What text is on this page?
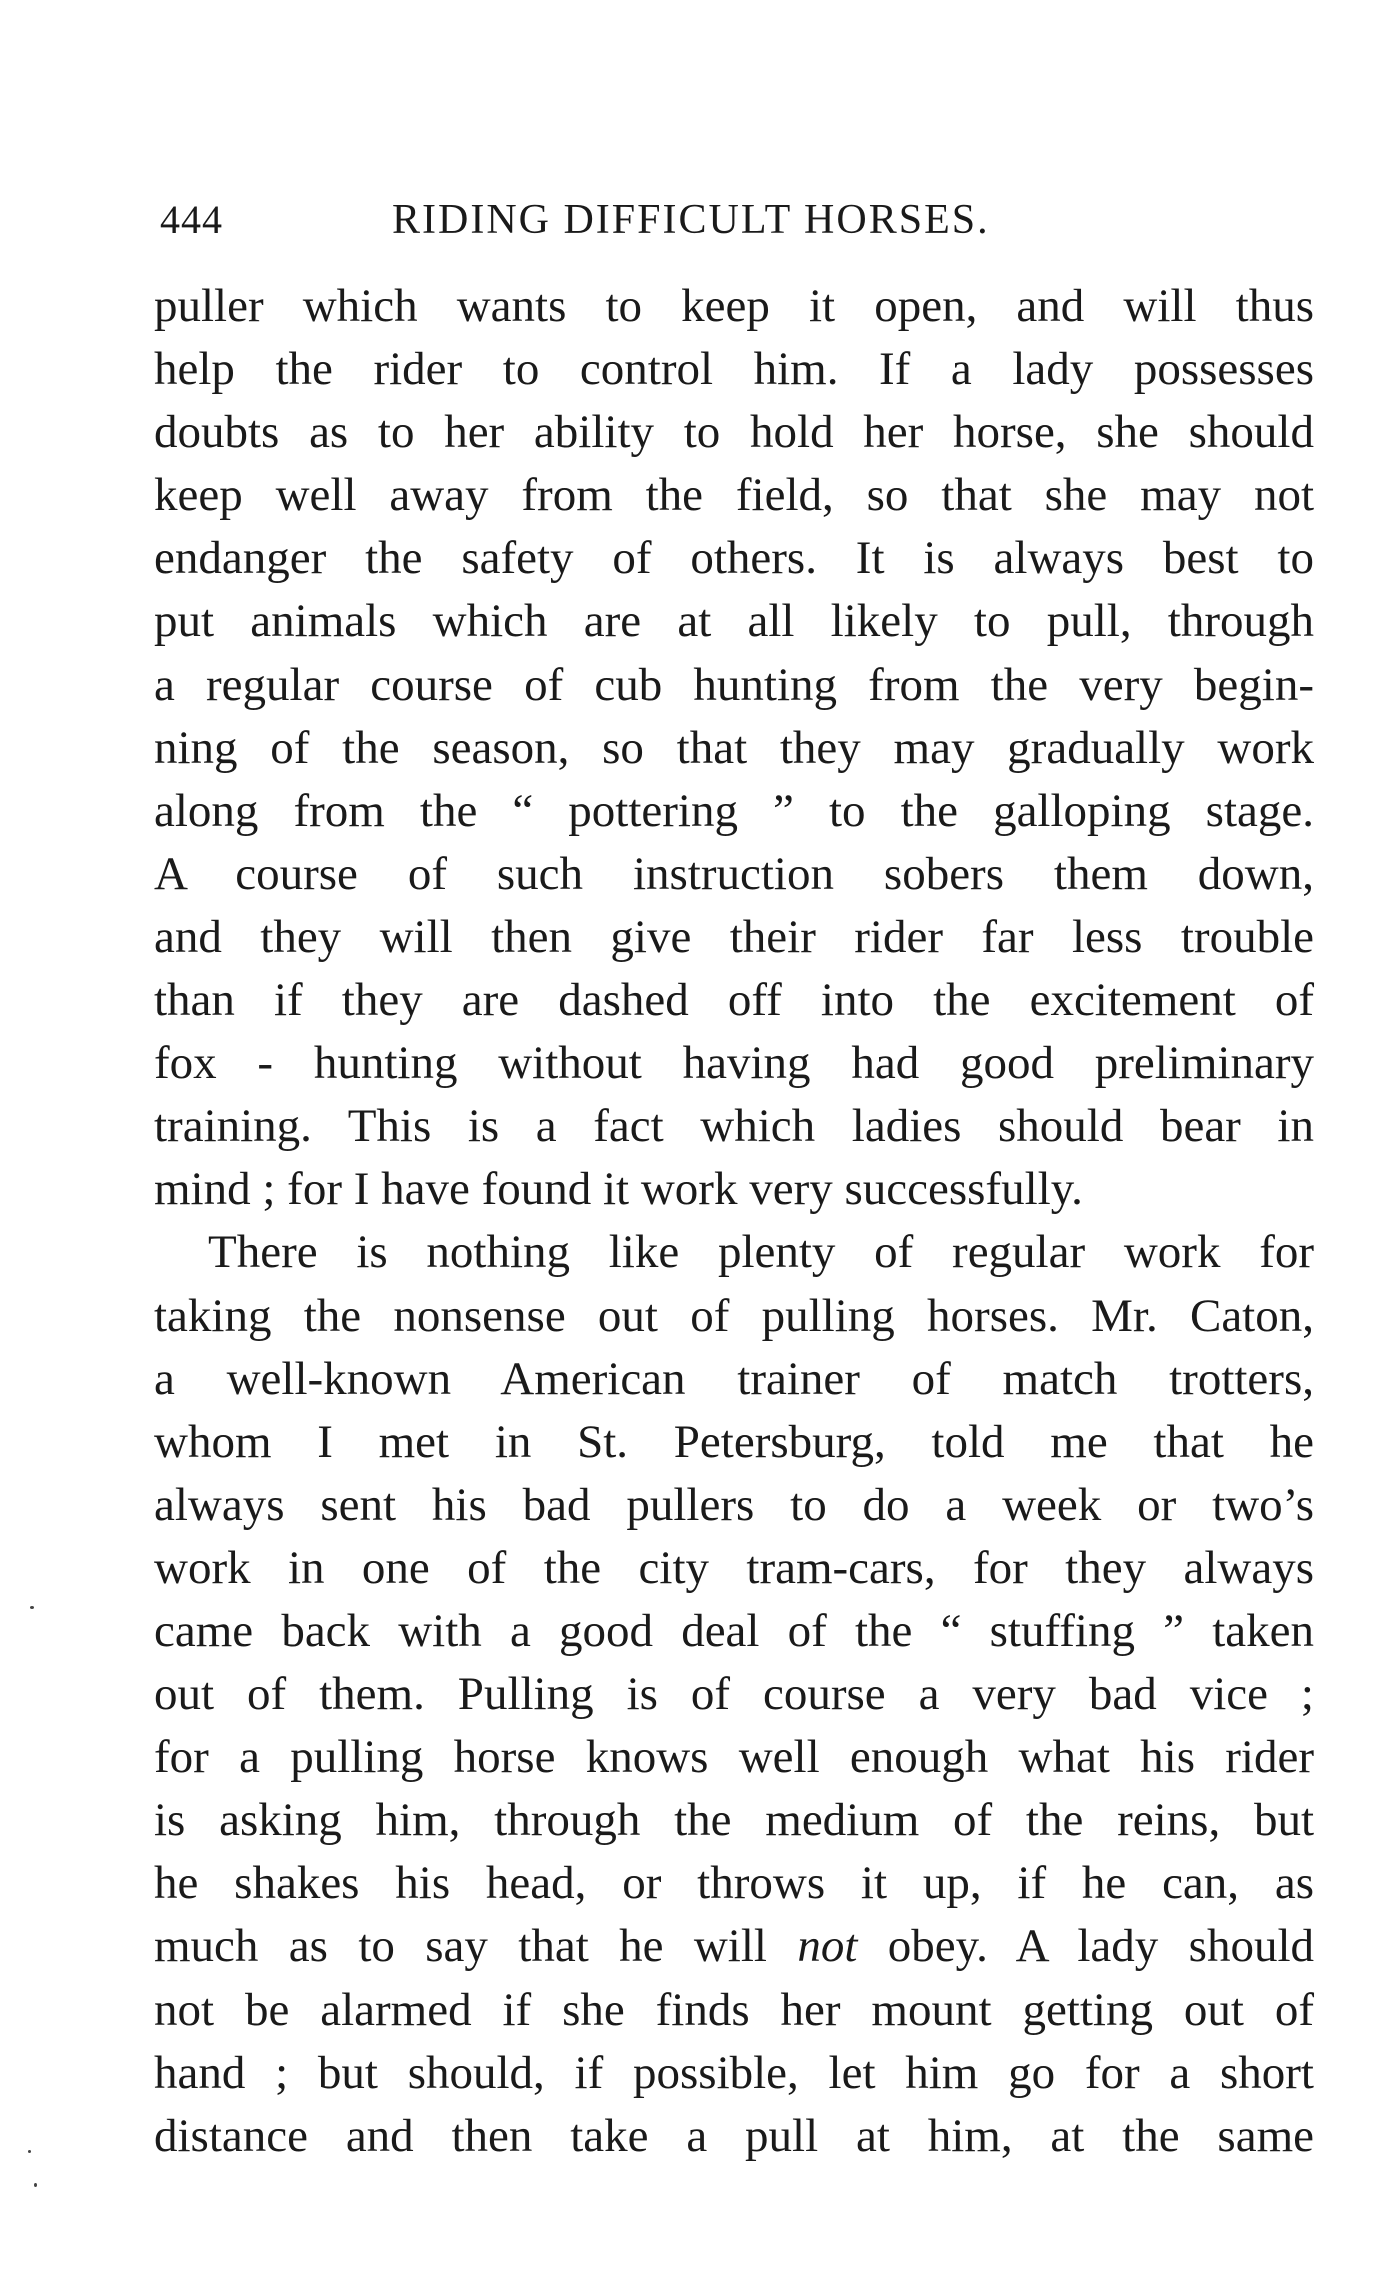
444	RIDING DIFFICULT HORSES.
puller which wants to keep it open, and will thus
help the rider to control him. If a lady possesses
doubts as to her ability to hold her horse, she should
keep well away from the field, so that she may not
endanger the safety of others. It is always best to
put animals which are at all likely to pull, through
a regular course of cub hunting from the very begin-
ning of the season, so that they may gradually work
along from the “ pottering ” to the galloping stage.
A course of such instruction sobers them down,
and they will then give their rider far less trouble
than if they are dashed off into the excitement of
fox - hunting without having had good preliminary
training. This is a fact which ladies should bear in
mind ; for I have found it work very successfully.
There is nothing like plenty of regular work for
taking the nonsense out of pulling horses. Mr. Caton,
a well-known American trainer of match trotters,
whom I met in St. Petersburg, told me that he
always sent his bad pullers to do a week or two’s
work in one of the city tram-cars, for they always
came back with a good deal of the “ stuffing ” taken
out of them. Pulling is of course a very bad vice ;
for a pulling horse knows well enough what his rider
is asking him, through the medium of the reins, but
he shakes his head, or throws it up, if he can, as
much as to say that he will not obey. A lady should
not be alarmed if she finds her mount getting out of
hand ; but should, if possible, let him go for a short
distance and then take a pull at him, at the same
